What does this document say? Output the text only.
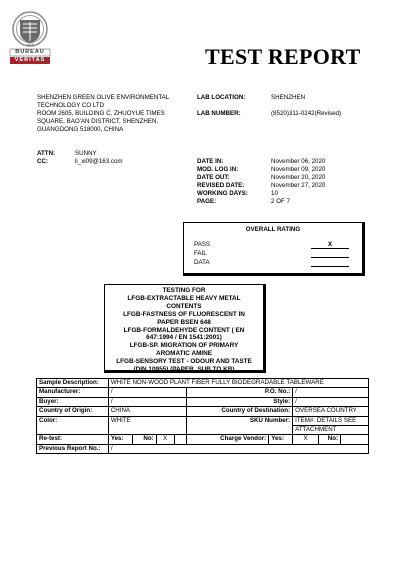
BUREAU
VERITAS
1828	TEST REPORT
SHENZHEN GREEN OLIVE ENVIRONMENTAL
TECHNOLOGY CO LTD
ROOM 2605, BUILDING C, ZHUOYUE TIMES
SQUARE, BAO'AN DISTRICT, SHENZHEN,
GUANGDONG 518000, CHINA
LAB LOCATION:	SHENZHEN
LAB NUMBER:	(8520)311-0242(Revised)
ATTN:	SUNNY
CC:	li_xi09@163.com	DATE IN:	November 06, 2020
MOD. LOG IN:	November 09, 2020
DATE OUT:	November 20, 2020
REVISED DATE:	November 27, 2020
WORKING DAYS:	10
PAGE:	2 OF 7
OVERALL RATING
PASS	X
FAIL
DATA
TESTING FOR
LFGB-EXTRACTABLE HEAVY METAL
CONTENTS
LFGB-FASTNESS OF FLUORESCENT IN
PAPER BSEN 648
LFGB-FORMALDEHYDE CONTENT ( EN
647:1994 / EN 1541:2001)
LFGB-SP. MIGRATION OF PRIMARY
AROMATIC AMINE
LFGB-SENSORY TEST - ODOUR AND TASTE
(DIN 10955) (PAPER, SUB TO KB)
Sample Description:	WHITE NON-WOOD PLANT FIBER FULLY BIODEGRADABLE TABLEWARE								
Manufacturer:	/				P.O. No.:		/		
Buyer:	/				Style:		/		
Country of Origin:	CHINA				Country of Destination:		OVERSEA COUNTRY		
Color:	WHITE				SKU Number:		ITEM#: DETAILS SEE		
							ATTACHMENT		
Re-test:	Yes:	No:	X		Charge Vendor:	Yes:	X	No:	
Previous Report No.:	/								
